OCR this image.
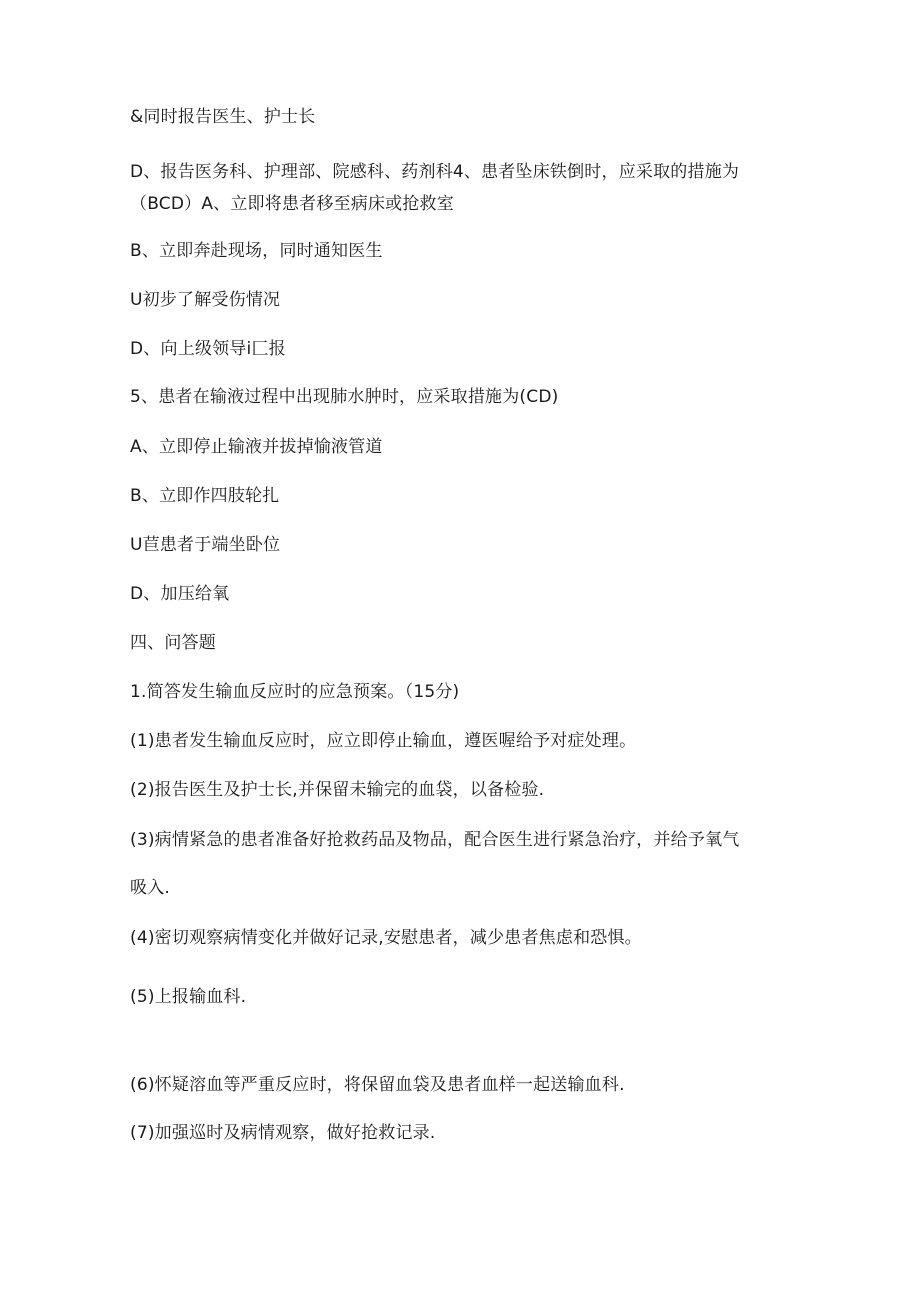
&同时报告医生、护士长
D、报告医务科、护理部、院感科、药剂科4、患者坠床铁倒时，应采取的措施为
（BCD）A、立即将患者移至病床或抢救室
B、立即奔赴现场，同时通知医生
U初步了解受伤情况
D、向上级领导i匚报
5、患者在输液过程中出现肺水肿时，应采取措施为(CD)
A、立即停止输液并拔掉愉液管道
B、立即作四肢轮扎
U苣患者于端坐卧位
D、加压给氧
四、问答题
1.简答发生输血反应时的应急预案。（15分)
(1)患者发生输血反应时，应立即停止输血，遵医喔给予对症处理。
(2)报告医生及护士长,并保留未输完的血袋，以备检验.
(3)病情紧急的患者准备好抢救药品及物品，配合医生进行紧急治疗，并给予氧气
吸入.
(4)密切观察病情变化并做好记录,安慰患者，减少患者焦虑和恐惧。
(5)上报输血科.
(6)怀疑溶血等严重反应时，将保留血袋及患者血样一起送输血科.
(7)加强巡时及病情观察，做好抢救记录.
